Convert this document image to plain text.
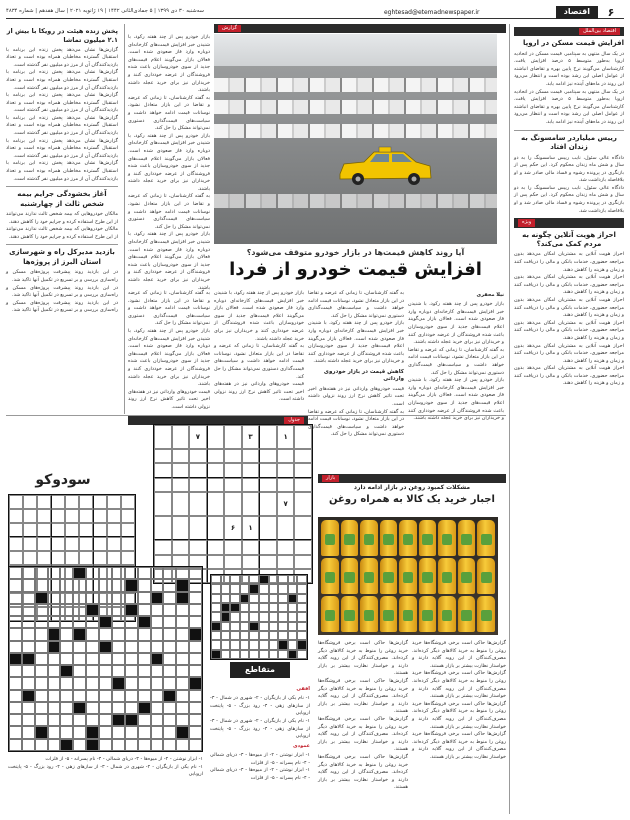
۶
اقتصاد
eghtesad@etemadnewspaper.ir
سه‌شنبه ۳۰ دی ۱۳۹۹ | ۵ جمادی‌الثانی ۱۴۴۲ | ۱۹ ژانویه ۲۰۲۱ | سال هفدهم | شماره ۴۸۳۴
اقتصاد بین‌الملل
افزایش قیمت مسکن در اروپا
در یک سال منتهی به سپتامبر، قیمت مسکن در اتحادیه اروپا به‌طور متوسط ۵ درصد افزایش یافت. کارشناسان می‌گویند نرخ پایین بهره و تقاضای انباشته از عوامل اصلی این رشد بوده است و انتظار می‌رود این روند در ماه‌های آینده نیز ادامه یابد.
در یک سال منتهی به سپتامبر، قیمت مسکن در اتحادیه اروپا به‌طور متوسط ۵ درصد افزایش یافت. کارشناسان می‌گویند نرخ پایین بهره و تقاضای انباشته از عوامل اصلی این رشد بوده است و انتظار می‌رود این روند در ماه‌های آینده نیز ادامه یابد.
رییس میلیاردر سامسونگ به زندان افتاد
دادگاه عالی سئول، نایب رییس سامسونگ را به دو سال و شش ماه زندان محکوم کرد. این حکم پس از بازنگری در پرونده رشوه و فساد مالی صادر شد و او بلافاصله بازداشت شد.
دادگاه عالی سئول، نایب رییس سامسونگ را به دو سال و شش ماه زندان محکوم کرد. این حکم پس از بازنگری در پرونده رشوه و فساد مالی صادر شد و او بلافاصله بازداشت شد.
ویژه
احراز هویت آنلاین چگونه به مردم کمک می‌کند؟
احراز هویت آنلاین به مشتریان امکان می‌دهد بدون مراجعه حضوری، خدمات بانکی و مالی را دریافت کنند و زمان و هزینه را کاهش دهند.
احراز هویت آنلاین به مشتریان امکان می‌دهد بدون مراجعه حضوری، خدمات بانکی و مالی را دریافت کنند و زمان و هزینه را کاهش دهند.
احراز هویت آنلاین به مشتریان امکان می‌دهد بدون مراجعه حضوری، خدمات بانکی و مالی را دریافت کنند و زمان و هزینه را کاهش دهند.
احراز هویت آنلاین به مشتریان امکان می‌دهد بدون مراجعه حضوری، خدمات بانکی و مالی را دریافت کنند و زمان و هزینه را کاهش دهند.
احراز هویت آنلاین به مشتریان امکان می‌دهد بدون مراجعه حضوری، خدمات بانکی و مالی را دریافت کنند و زمان و هزینه را کاهش دهند.
احراز هویت آنلاین به مشتریان امکان می‌دهد بدون مراجعه حضوری، خدمات بانکی و مالی را دریافت کنند و زمان و هزینه را کاهش دهند.
گزارش
آیا روند کاهش قیمت‌ها در بازار خودرو متوقف می‌شود؟
افزایش قیمت خودرو از فردا
بازار خودرو پس از چند هفته رکود، با شنیدن خبر افزایش قیمت‌های کارخانه‌ای دوباره وارد فاز صعودی شده است. فعالان بازار می‌گویند اعلام قیمت‌های جدید از سوی خودروسازان باعث شده فروشندگان از عرضه خودداری کنند و خریداران نیز برای خرید عجله داشته باشند.
به گفته کارشناسان، تا زمانی که عرضه و تقاضا در این بازار متعادل نشود، نوسانات قیمت ادامه خواهد داشت و سیاست‌های قیمت‌گذاری دستوری نمی‌تواند مشکل را حل کند.
بازار خودرو پس از چند هفته رکود، با شنیدن خبر افزایش قیمت‌های کارخانه‌ای دوباره وارد فاز صعودی شده است. فعالان بازار می‌گویند اعلام قیمت‌های جدید از سوی خودروسازان باعث شده فروشندگان از عرضه خودداری کنند و خریداران نیز برای خرید عجله داشته باشند.
به گفته کارشناسان، تا زمانی که عرضه و تقاضا در این بازار متعادل نشود، نوسانات قیمت ادامه خواهد داشت و سیاست‌های قیمت‌گذاری دستوری نمی‌تواند مشکل را حل کند.
بازار خودرو پس از چند هفته رکود، با شنیدن خبر افزایش قیمت‌های کارخانه‌ای دوباره وارد فاز صعودی شده است. فعالان بازار می‌گویند اعلام قیمت‌های جدید از سوی خودروسازان باعث شده فروشندگان از عرضه خودداری کنند و خریداران نیز برای خرید عجله داشته باشند.
نیلا محقری
بازار خودرو پس از چند هفته رکود، با شنیدن خبر افزایش قیمت‌های کارخانه‌ای دوباره وارد فاز صعودی شده است. فعالان بازار می‌گویند اعلام قیمت‌های جدید از سوی خودروسازان باعث شده فروشندگان از عرضه خودداری کنند و خریداران نیز برای خرید عجله داشته باشند.
به گفته کارشناسان، تا زمانی که عرضه و تقاضا در این بازار متعادل نشود، نوسانات قیمت ادامه خواهد داشت و سیاست‌های قیمت‌گذاری دستوری نمی‌تواند مشکل را حل کند.
بازار خودرو پس از چند هفته رکود، با شنیدن خبر افزایش قیمت‌های کارخانه‌ای دوباره وارد فاز صعودی شده است. فعالان بازار می‌گویند اعلام قیمت‌های جدید از سوی خودروسازان باعث شده فروشندگان از عرضه خودداری کنند و خریداران نیز برای خرید عجله داشته باشند.
به گفته کارشناسان، تا زمانی که عرضه و تقاضا در این بازار متعادل نشود، نوسانات قیمت ادامه خواهد داشت و سیاست‌های قیمت‌گذاری دستوری نمی‌تواند مشکل را حل کند.
بازار خودرو پس از چند هفته رکود، با شنیدن خبر افزایش قیمت‌های کارخانه‌ای دوباره وارد فاز صعودی شده است. فعالان بازار می‌گویند اعلام قیمت‌های جدید از سوی خودروسازان باعث شده فروشندگان از عرضه خودداری کنند و خریداران نیز برای خرید عجله داشته باشند.
کاهش قیمت در بازار خودروی وارداتی
قیمت خودروهای وارداتی نیز در هفته‌های اخیر تحت تاثیر کاهش نرخ ارز روند نزولی داشته است.
به گفته کارشناسان، تا زمانی که عرضه و تقاضا در این بازار متعادل نشود، نوسانات قیمت ادامه خواهد داشت و سیاست‌های قیمت‌گذاری دستوری نمی‌تواند مشکل را حل کند.
بازار خودرو پس از چند هفته رکود، با شنیدن خبر افزایش قیمت‌های کارخانه‌ای دوباره وارد فاز صعودی شده است. فعالان بازار می‌گویند اعلام قیمت‌های جدید از سوی خودروسازان باعث شده فروشندگان از عرضه خودداری کنند و خریداران نیز برای خرید عجله داشته باشند.
به گفته کارشناسان، تا زمانی که عرضه و تقاضا در این بازار متعادل نشود، نوسانات قیمت ادامه خواهد داشت و سیاست‌های قیمت‌گذاری دستوری نمی‌تواند مشکل را حل کند.
قیمت خودروهای وارداتی نیز در هفته‌های اخیر تحت تاثیر کاهش نرخ ارز روند نزولی داشته است.
به گفته کارشناسان، تا زمانی که عرضه و تقاضا در این بازار متعادل نشود، نوسانات قیمت ادامه خواهد داشت و سیاست‌های قیمت‌گذاری دستوری نمی‌تواند مشکل را حل کند.
بازار خودرو پس از چند هفته رکود، با شنیدن خبر افزایش قیمت‌های کارخانه‌ای دوباره وارد فاز صعودی شده است. فعالان بازار می‌گویند اعلام قیمت‌های جدید از سوی خودروسازان باعث شده فروشندگان از عرضه خودداری کنند و خریداران نیز برای خرید عجله داشته باشند.
قیمت خودروهای وارداتی نیز در هفته‌های اخیر تحت تاثیر کاهش نرخ ارز روند نزولی داشته است.
پخش زنده هیئت در رویکا با بیش از ۲.۱ میلیون تماشا
گزارش‌ها نشان می‌دهد پخش زنده این برنامه با استقبال گسترده مخاطبان همراه بوده است و تعداد بازدیدکنندگان آن از مرز دو میلیون نفر گذشته است.
گزارش‌ها نشان می‌دهد پخش زنده این برنامه با استقبال گسترده مخاطبان همراه بوده است و تعداد بازدیدکنندگان آن از مرز دو میلیون نفر گذشته است.
گزارش‌ها نشان می‌دهد پخش زنده این برنامه با استقبال گسترده مخاطبان همراه بوده است و تعداد بازدیدکنندگان آن از مرز دو میلیون نفر گذشته است.
گزارش‌ها نشان می‌دهد پخش زنده این برنامه با استقبال گسترده مخاطبان همراه بوده است و تعداد بازدیدکنندگان آن از مرز دو میلیون نفر گذشته است.
گزارش‌ها نشان می‌دهد پخش زنده این برنامه با استقبال گسترده مخاطبان همراه بوده است و تعداد بازدیدکنندگان آن از مرز دو میلیون نفر گذشته است.
گزارش‌ها نشان می‌دهد پخش زنده این برنامه با استقبال گسترده مخاطبان همراه بوده است و تعداد بازدیدکنندگان آن از مرز دو میلیون نفر گذشته است.
آغاز بخشودگی جرایم بیمه شخص ثالث از چهارشنبه
مالکان خودروهایی که بیمه شخص ثالث ندارند می‌توانند از این طرح استفاده کرده و جرایم خود را کاهش دهند.
مالکان خودروهایی که بیمه شخص ثالث ندارند می‌توانند از این طرح استفاده کرده و جرایم خود را کاهش دهند.
بازدید مدیرکل راه و شهرسازی استان البرز از پروژه‌ها
در این بازدید روند پیشرفت پروژه‌های مسکن و راه‌سازی بررسی و بر تسریع در تکمیل آنها تاکید شد.
در این بازدید روند پیشرفت پروژه‌های مسکن و راه‌سازی بررسی و بر تسریع در تکمیل آنها تاکید شد.
در این بازدید روند پیشرفت پروژه‌های مسکن و راه‌سازی بررسی و بر تسریع در تکمیل آنها تاکید شد.
جدول
سودوکو
۱
۳
۷
۷
۱
۶
متقاطع
افقی
۱- نام یکی از بازیگران - ۲- شهری در شمال - ۳- از سازهای زهی - ۴- رود بزرگ - ۵- پایتخت اروپایی
۱- نام یکی از بازیگران - ۲- شهری در شمال - ۳- از سازهای زهی - ۴- رود بزرگ - ۵- پایتخت اروپایی
عمودی
۱- ابزار نوشتن - ۲- از میوه‌ها - ۳- دریای شمالی - ۴- نام پسرانه - ۵- از فلزات
۱- ابزار نوشتن - ۲- از میوه‌ها - ۳- دریای شمالی - ۴- نام پسرانه - ۵- از فلزات
۱- ابزار نوشتن - ۲- از میوه‌ها - ۳- دریای شمالی - ۴- نام پسرانه - ۵- از فلزات
۱- نام یکی از بازیگران - ۲- شهری در شمال - ۳- از سازهای زهی - ۴- رود بزرگ - ۵- پایتخت اروپایی
بازار
مشکلات کمبود روغن در بازار ادامه دارد
اجبار خرید یک کالا به همراه روغن
گزارش‌ها حاکی است برخی فروشگاه‌ها خرید روغن را منوط به خرید کالاهای دیگر کرده‌اند. مصرف‌کنندگان از این رویه گلایه دارند و خواستار نظارت بیشتر بر بازار هستند.
گزارش‌ها حاکی است برخی فروشگاه‌ها خرید روغن را منوط به خرید کالاهای دیگر کرده‌اند. مصرف‌کنندگان از این رویه گلایه دارند و خواستار نظارت بیشتر بر بازار هستند.
گزارش‌ها حاکی است برخی فروشگاه‌ها خرید روغن را منوط به خرید کالاهای دیگر کرده‌اند. مصرف‌کنندگان از این رویه گلایه دارند و خواستار نظارت بیشتر بر بازار هستند.
گزارش‌ها حاکی است برخی فروشگاه‌ها خرید روغن را منوط به خرید کالاهای دیگر کرده‌اند. مصرف‌کنندگان از این رویه گلایه دارند و خواستار نظارت بیشتر بر بازار هستند.
گزارش‌ها حاکی است برخی فروشگاه‌ها خرید روغن را منوط به خرید کالاهای دیگر کرده‌اند. مصرف‌کنندگان از این رویه گلایه دارند و خواستار نظارت بیشتر بر بازار هستند.
گزارش‌ها حاکی است برخی فروشگاه‌ها خرید روغن را منوط به خرید کالاهای دیگر کرده‌اند. مصرف‌کنندگان از این رویه گلایه دارند و خواستار نظارت بیشتر بر بازار هستند.
گزارش‌ها حاکی است برخی فروشگاه‌ها خرید روغن را منوط به خرید کالاهای دیگر کرده‌اند. مصرف‌کنندگان از این رویه گلایه دارند و خواستار نظارت بیشتر بر بازار هستند.
گزارش‌ها حاکی است برخی فروشگاه‌ها خرید روغن را منوط به خرید کالاهای دیگر کرده‌اند. مصرف‌کنندگان از این رویه گلایه دارند و خواستار نظارت بیشتر بر بازار هستند.
